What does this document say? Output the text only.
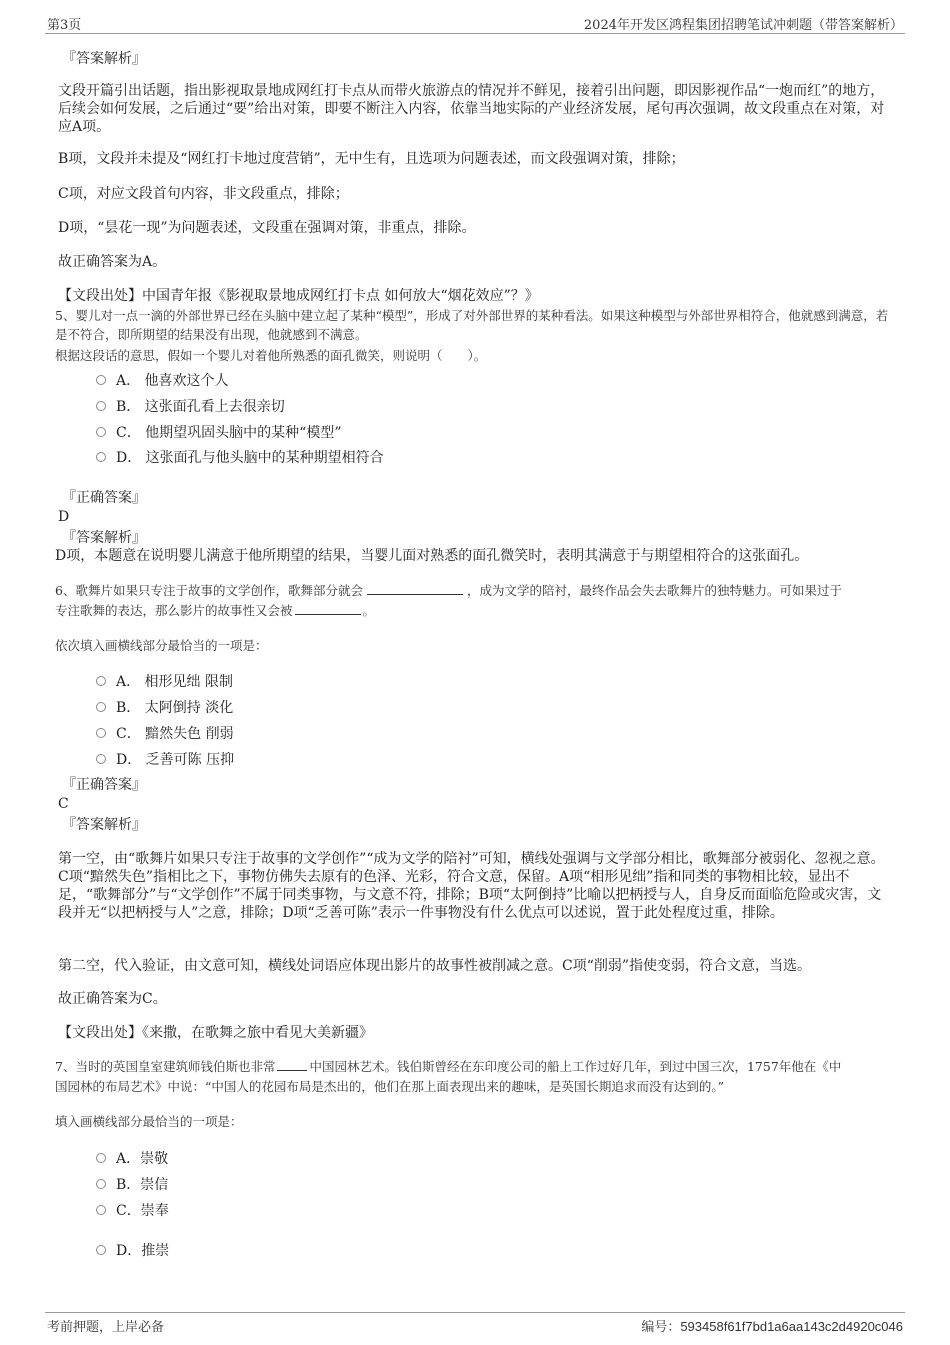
第3页	2024年开发区鸿程集团招聘笔试冲刺题（带答案解析）
『答案解析』
文段开篇引出话题，指出影视取景地成网红打卡点从而带火旅游点的情况并不鲜见，接着引出问题，即因影视作品“一炮而红”的地方，后续会如何发展，之后通过“要”给出对策，即要不断注入内容，依靠当地实际的产业经济发展，尾句再次强调，故文段重点在对策，对应A项。
B项，文段并未提及“网红打卡地过度营销”，无中生有，且选项为问题表述，而文段强调对策，排除；
C项，对应文段首句内容，非文段重点，排除；
D项，“昙花一现”为问题表述，文段重在强调对策，非重点，排除。
故正确答案为A。
【文段出处】中国青年报《影视取景地成网红打卡点 如何放大“烟花效应”？》
5、婴儿对一点一滴的外部世界已经在头脑中建立起了某种“模型”，形成了对外部世界的某种看法。如果这种模型与外部世界相符合，他就感到满意，若是不符合，即所期望的结果没有出现，他就感到不满意。
根据这段话的意思，假如一个婴儿对着他所熟悉的面孔微笑，则说明（　　）。
A． 他喜欢这个人
B． 这张面孔看上去很亲切
C． 他期望巩固头脑中的某种“模型”
D． 这张面孔与他头脑中的某种期望相符合
『正确答案』
D
『答案解析』
D项，本题意在说明婴儿满意于他所期望的结果，当婴儿面对熟悉的面孔微笑时，表明其满意于与期望相符合的这张面孔。
6、歌舞片如果只专注于故事的文学创作，歌舞部分就会	，成为文学的陪衬，最终作品会失去歌舞片的独特魅力。可如果过于
专注歌舞的表达，那么影片的故事性又会被	。
依次填入画横线部分最恰当的一项是：
A． 相形见绌 限制
B． 太阿倒持 淡化
C． 黯然失色 削弱
D． 乏善可陈 压抑
『正确答案』
C
『答案解析』
第一空，由“歌舞片如果只专注于故事的文学创作”“成为文学的陪衬”可知，横线处强调与文学部分相比，歌舞部分被弱化、忽视之意。C项“黯然失色”指相比之下，事物仿佛失去原有的色泽、光彩，符合文意，保留。A项“相形见绌”指和同类的事物相比较，显出不足，“歌舞部分”与“文学创作”不属于同类事物，与文意不符，排除；B项“太阿倒持”比喻以把柄授与人，自身反而面临危险或灾害，文段并无“以把柄授与人”之意，排除；D项“乏善可陈”表示一件事物没有什么优点可以述说，置于此处程度过重，排除。
第二空，代入验证，由文意可知，横线处词语应体现出影片的故事性被削减之意。C项“削弱”指使变弱，符合文意，当选。
故正确答案为C。
【文段出处】《来撒，在歌舞之旅中看见大美新疆》
7、当时的英国皇室建筑师钱伯斯也非常	中国园林艺术。钱伯斯曾经在东印度公司的船上工作过好几年，到过中国三次，1757年他在《中
国园林的布局艺术》中说：“中国人的花园布局是杰出的，他们在那上面表现出来的趣味，是英国长期追求而没有达到的。”
填入画横线部分最恰当的一项是：
A．崇敬
B．崇信
C．崇奉
D．推崇
考前押题，上岸必备	编号：593458f61f7bd1a6aa143c2d4920c046
